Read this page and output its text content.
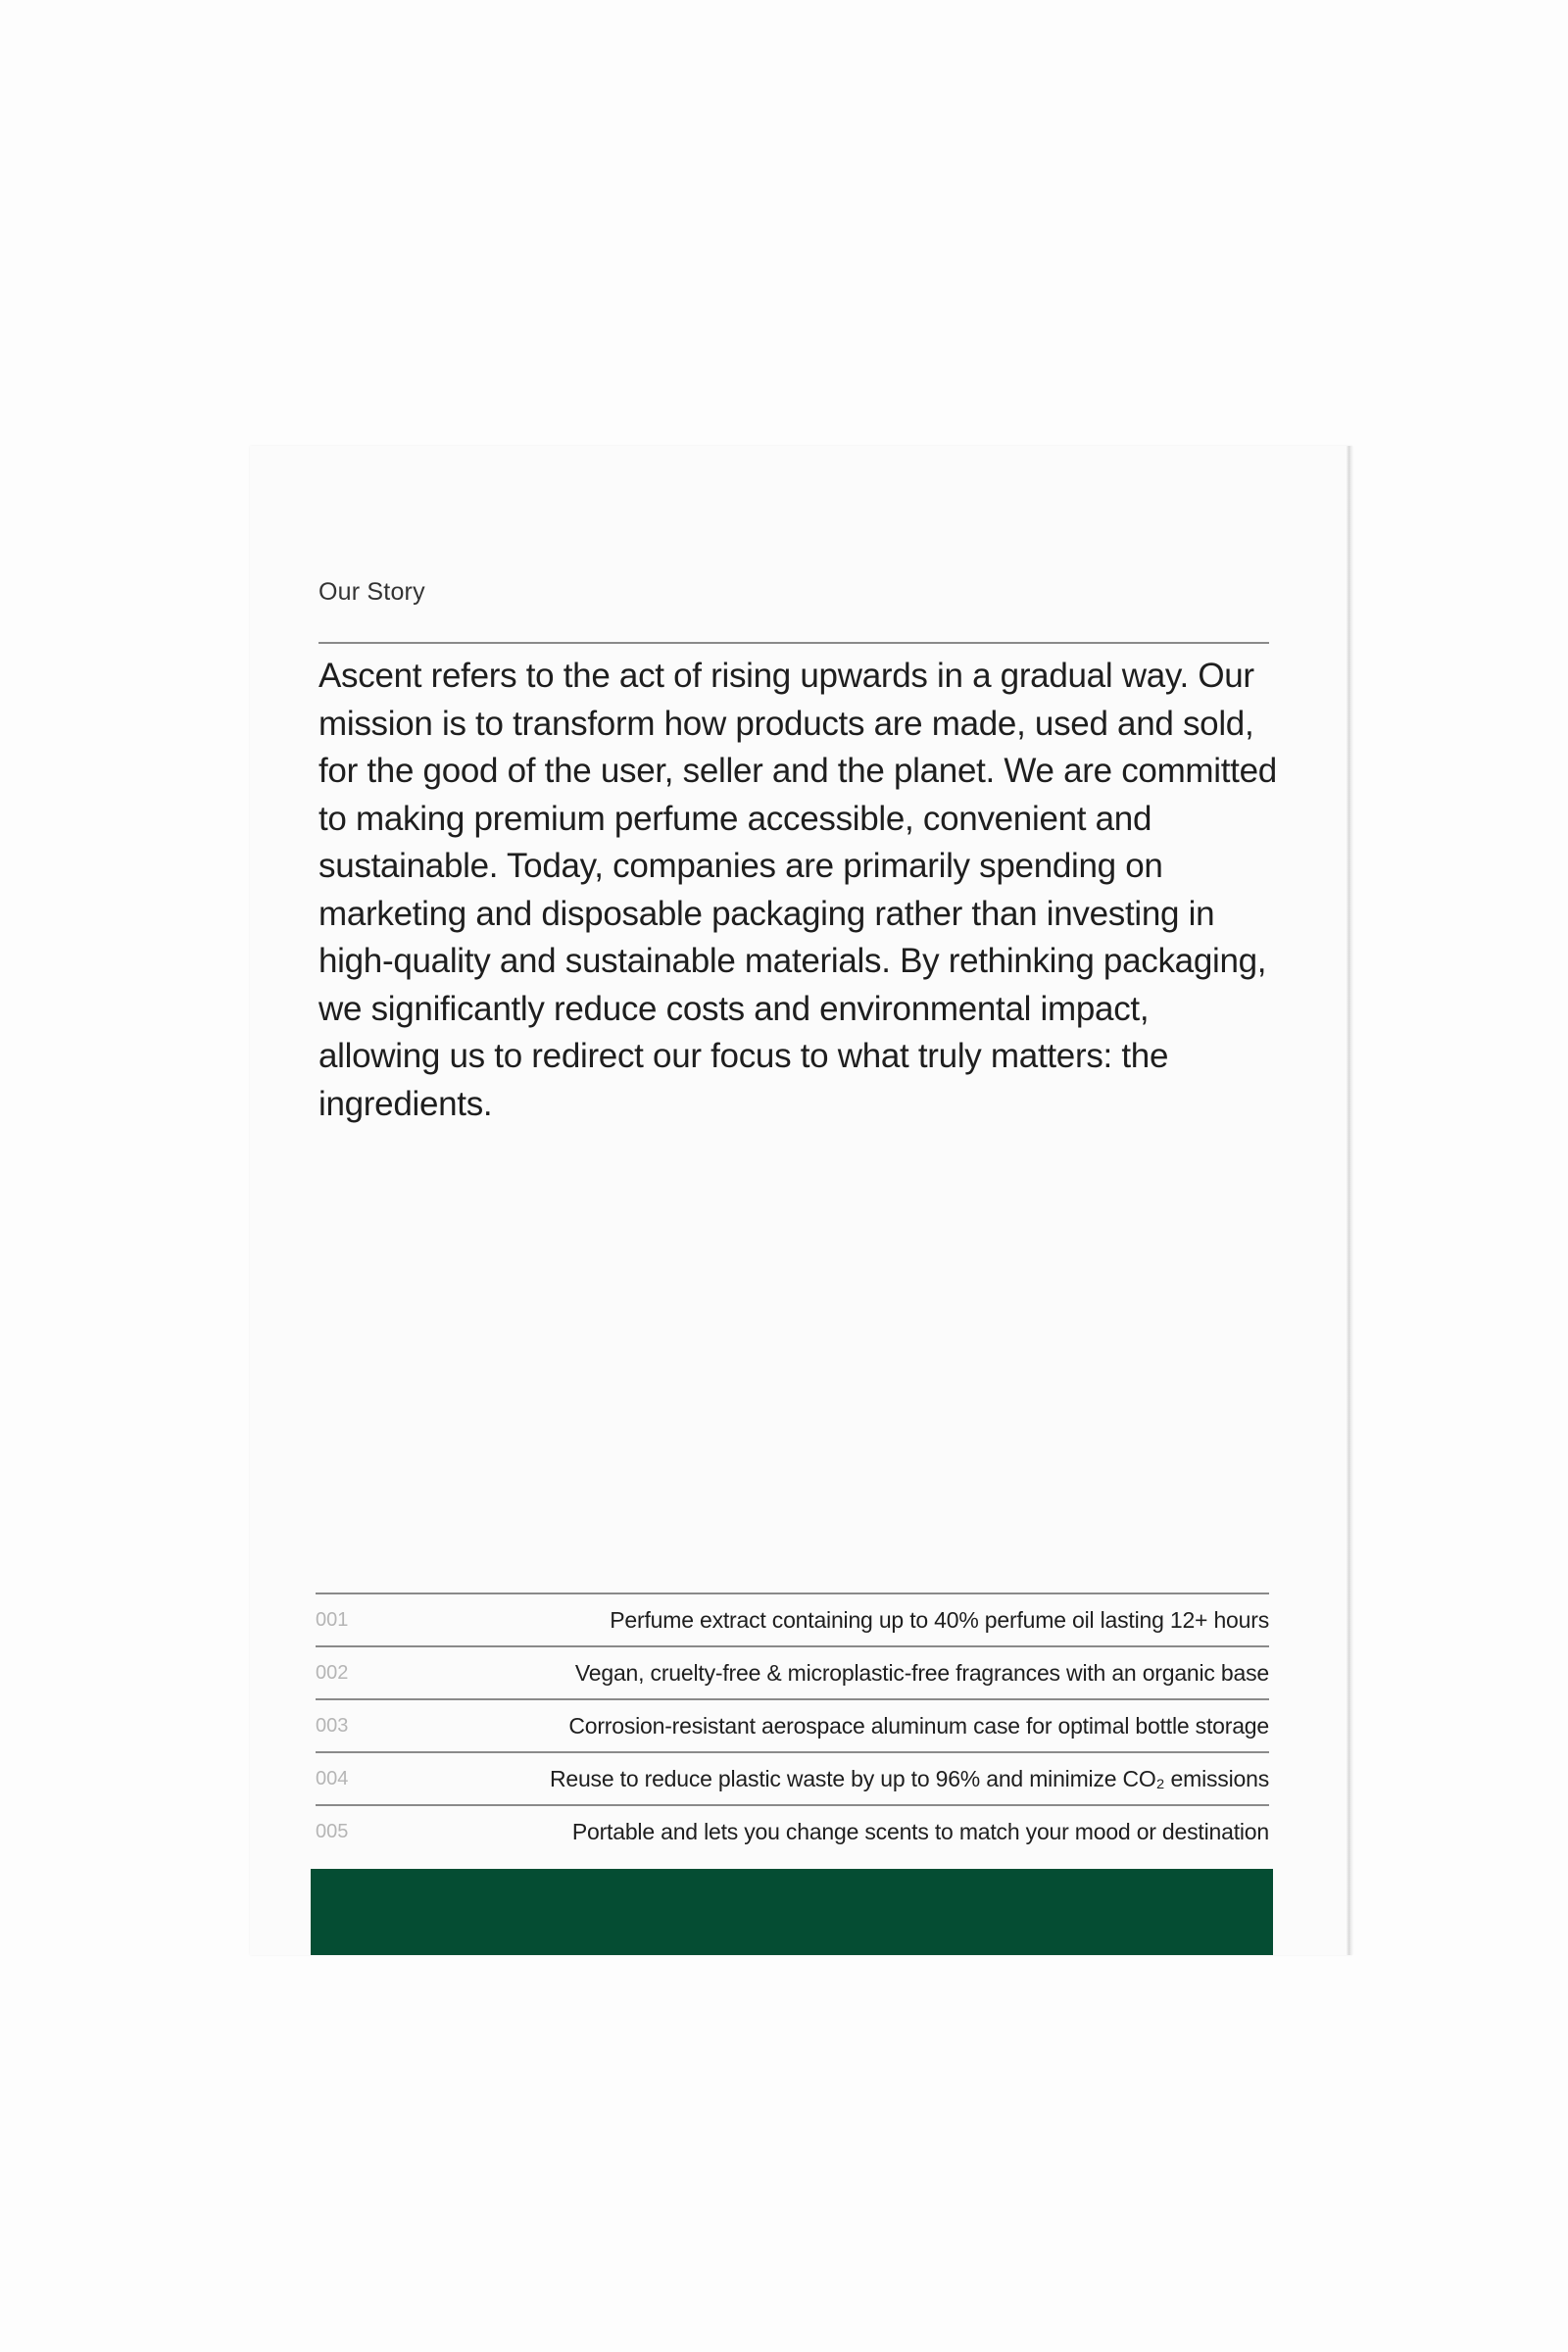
Our Story

Ascent refers to the act of rising upwards in a gradual way. Our mission is to transform how products are made, used and sold, for the good of the user, seller and the planet. We are committed to making premium perfume accessible, convenient and sustainable. Today, companies are primarily spending on marketing and disposable packaging rather than investing in high-quality and sustainable materials. By rethinking packaging, we significantly reduce costs and environmental impact, allowing us to redirect our focus to what truly matters: the ingredients.

001	Perfume extract containing up to 40% perfume oil lasting 12+ hours
002	Vegan, cruelty-free & microplastic-free fragrances with an organic base
003	Corrosion-resistant aerospace aluminum case for optimal bottle storage
004	Reuse to reduce plastic waste by up to 96% and minimize CO₂ emissions
005	Portable and lets you change scents to match your mood or destination
